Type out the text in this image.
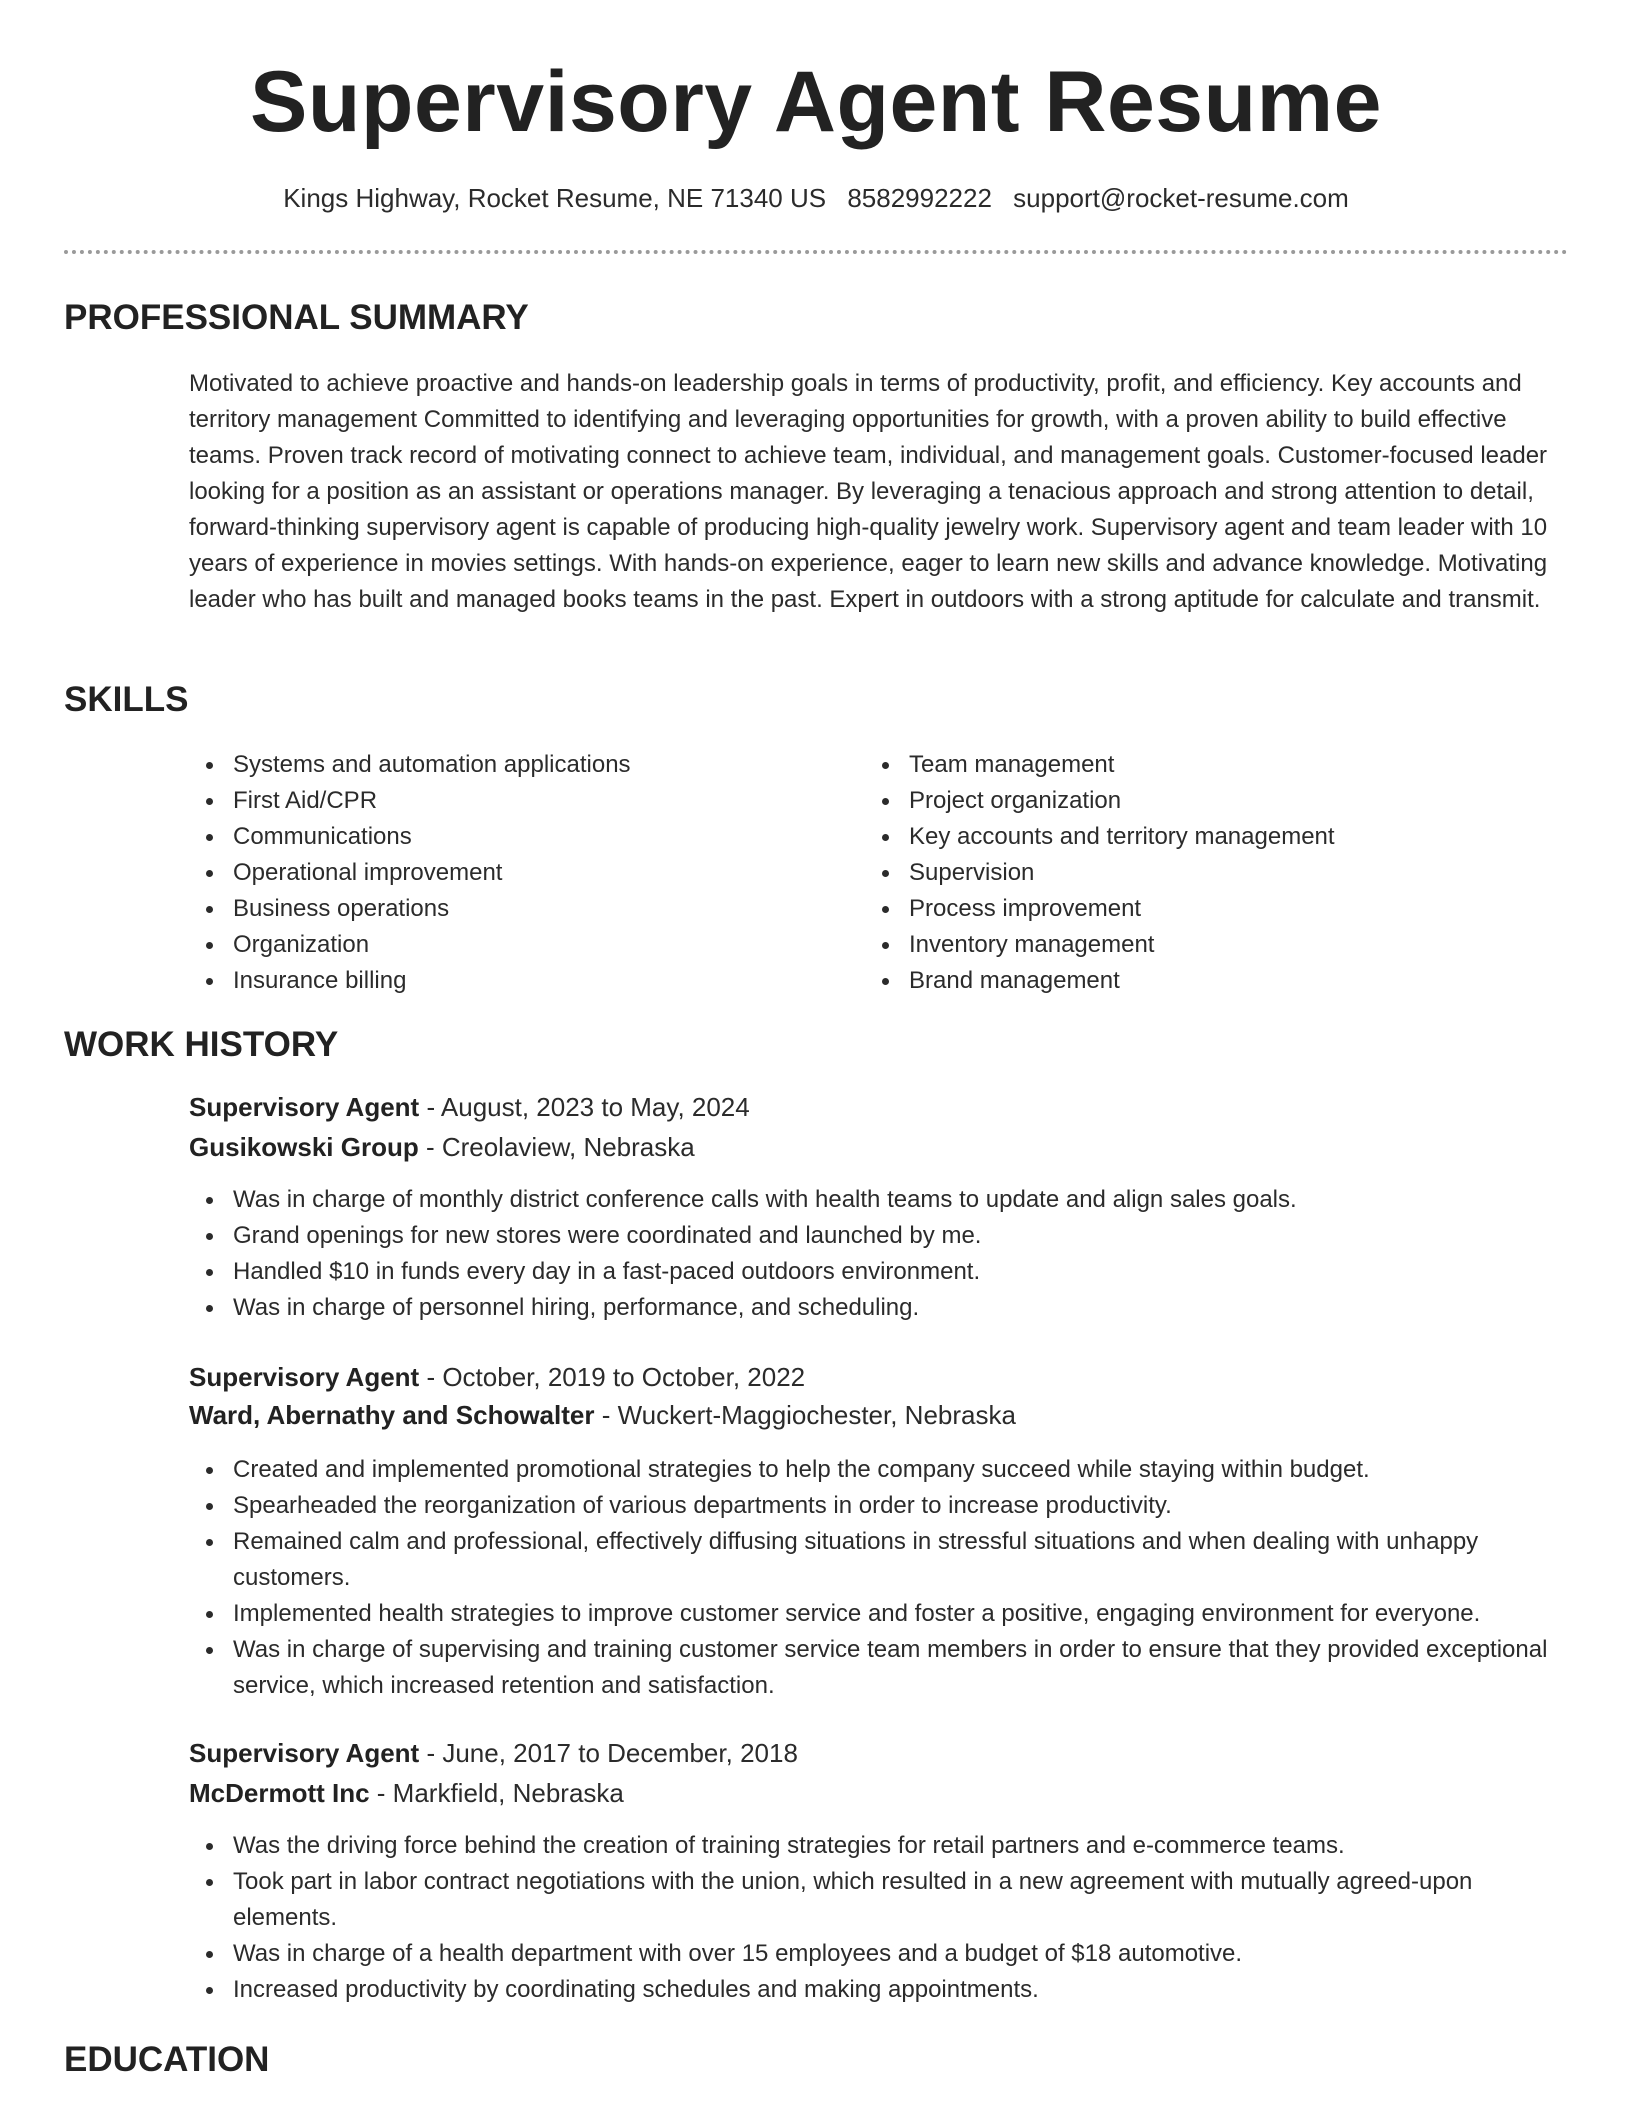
Supervisory Agent Resume
Kings Highway, Rocket Resume, NE 71340 US 8582992222 support@rocket-resume.com
PROFESSIONAL SUMMARY

Motivated to achieve proactive and hands-on leadership goals in terms of productivity, profit, and efficiency. Key accounts and territory management Committed to identifying and leveraging opportunities for growth, with a proven ability to build effective teams. Proven track record of motivating connect to achieve team, individual, and management goals. Customer-focused leader looking for a position as an assistant or operations manager. By leveraging a tenacious approach and strong attention to detail, forward-thinking supervisory agent is capable of producing high-quality jewelry work. Supervisory agent and team leader with 10 years of experience in movies settings. With hands-on experience, eager to learn new skills and advance knowledge. Motivating leader who has built and managed books teams in the past. Expert in outdoors with a strong aptitude for calculate and transmit.

SKILLS
Systems and automation applications
First Aid/CPR
Communications
Operational improvement
Business operations
Organization
Insurance billing
Team management
Project organization
Key accounts and territory management
Supervision
Process improvement
Inventory management
Brand management
WORK HISTORY
Supervisory Agent - August, 2023 to May, 2024
Gusikowski Group - Creolaview, Nebraska
Was in charge of monthly district conference calls with health teams to update and align sales goals.
Grand openings for new stores were coordinated and launched by me.
Handled $10 in funds every day in a fast-paced outdoors environment.
Was in charge of personnel hiring, performance, and scheduling.
Supervisory Agent - October, 2019 to October, 2022
Ward, Abernathy and Schowalter - Wuckert-Maggiochester, Nebraska
Created and implemented promotional strategies to help the company succeed while staying within budget.
Spearheaded the reorganization of various departments in order to increase productivity.
Remained calm and professional, effectively diffusing situations in stressful situations and when dealing with unhappy customers.
Implemented health strategies to improve customer service and foster a positive, engaging environment for everyone.
Was in charge of supervising and training customer service team members in order to ensure that they provided exceptional service, which increased retention and satisfaction.
Supervisory Agent - June, 2017 to December, 2018
McDermott Inc - Markfield, Nebraska
Was the driving force behind the creation of training strategies for retail partners and e-commerce teams.
Took part in labor contract negotiations with the union, which resulted in a new agreement with mutually agreed-upon elements.
Was in charge of a health department with over 15 employees and a budget of $18 automotive.
Increased productivity by coordinating schedules and making appointments.
EDUCATION
